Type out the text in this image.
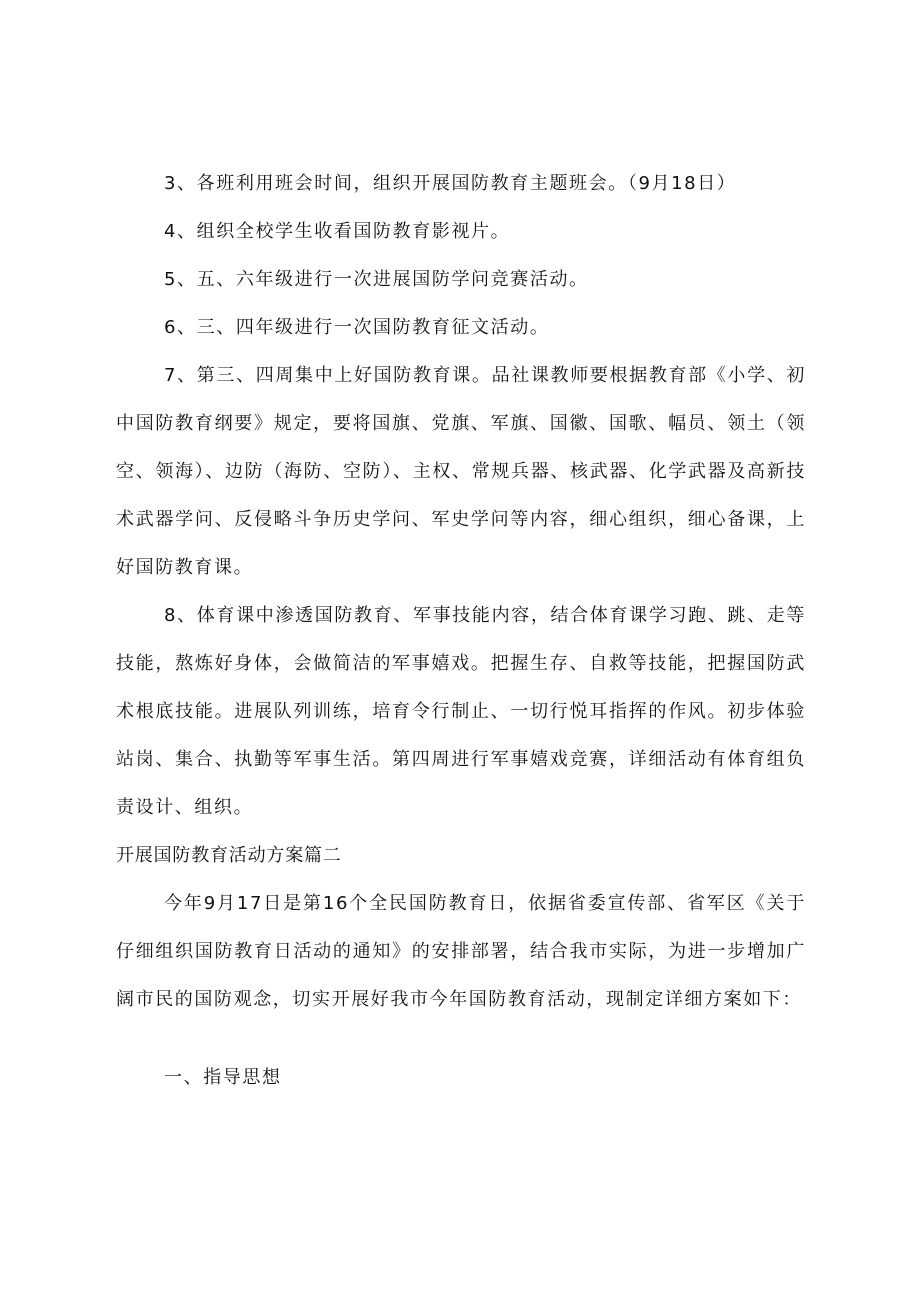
3、各班利用班会时间，组织开展国防教育主题班会。（9月18日）

4、组织全校学生收看国防教育影视片。

5、五、六年级进行一次进展国防学问竞赛活动。

6、三、四年级进行一次国防教育征文活动。

7、第三、四周集中上好国防教育课。品社课教师要根据教育部《小学、初中国防教育纲要》规定，要将国旗、党旗、军旗、国徽、国歌、幅员、领土（领空、领海）、边防（海防、空防）、主权、常规兵器、核武器、化学武器及高新技术武器学问、反侵略斗争历史学问、军史学问等内容，细心组织，细心备课，上好国防教育课。

8、体育课中渗透国防教育、军事技能内容，结合体育课学习跑、跳、走等技能，熬炼好身体，会做简洁的军事嬉戏。把握生存、自救等技能，把握国防武术根底技能。进展队列训练，培育令行制止、一切行悦耳指挥的作风。初步体验站岗、集合、执勤等军事生活。第四周进行军事嬉戏竞赛，详细活动有体育组负责设计、组织。

开展国防教育活动方案篇二

今年9月17日是第16个全民国防教育日，依据省委宣传部、省军区《关于仔细组织国防教育日活动的通知》的安排部署，结合我市实际，为进一步增加广阔市民的国防观念，切实开展好我市今年国防教育活动，现制定详细方案如下：

一、指导思想
